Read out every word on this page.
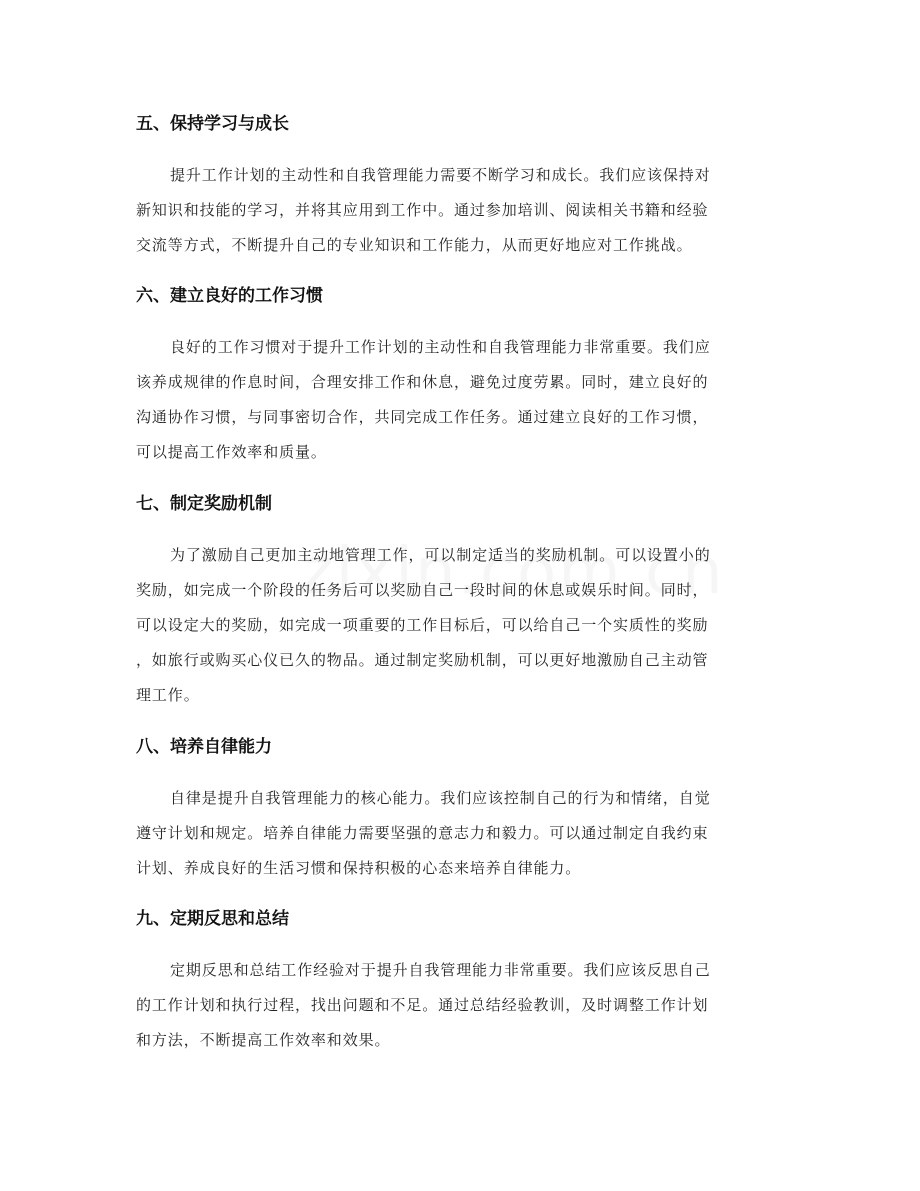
五、保持学习与成长
提升工作计划的主动性和自我管理能力需要不断学习和成长。我们应该保持对
新知识和技能的学习，并将其应用到工作中。通过参加培训、阅读相关书籍和经验
交流等方式，不断提升自己的专业知识和工作能力，从而更好地应对工作挑战。
六、建立良好的工作习惯
良好的工作习惯对于提升工作计划的主动性和自我管理能力非常重要。我们应
该养成规律的作息时间，合理安排工作和休息，避免过度劳累。同时，建立良好的
沟通协作习惯，与同事密切合作，共同完成工作任务。通过建立良好的工作习惯，
可以提高工作效率和质量。
七、制定奖励机制
为了激励自己更加主动地管理工作，可以制定适当的奖励机制。可以设置小的
奖励，如完成一个阶段的任务后可以奖励自己一段时间的休息或娱乐时间。同时，
可以设定大的奖励，如完成一项重要的工作目标后，可以给自己一个实质性的奖励
，如旅行或购买心仪已久的物品。通过制定奖励机制，可以更好地激励自己主动管
理工作。
八、培养自律能力
自律是提升自我管理能力的核心能力。我们应该控制自己的行为和情绪，自觉
遵守计划和规定。培养自律能力需要坚强的意志力和毅力。可以通过制定自我约束
计划、养成良好的生活习惯和保持积极的心态来培养自律能力。
九、定期反思和总结
定期反思和总结工作经验对于提升自我管理能力非常重要。我们应该反思自己
的工作计划和执行过程，找出问题和不足。通过总结经验教训，及时调整工作计划
和方法，不断提高工作效率和效果。
